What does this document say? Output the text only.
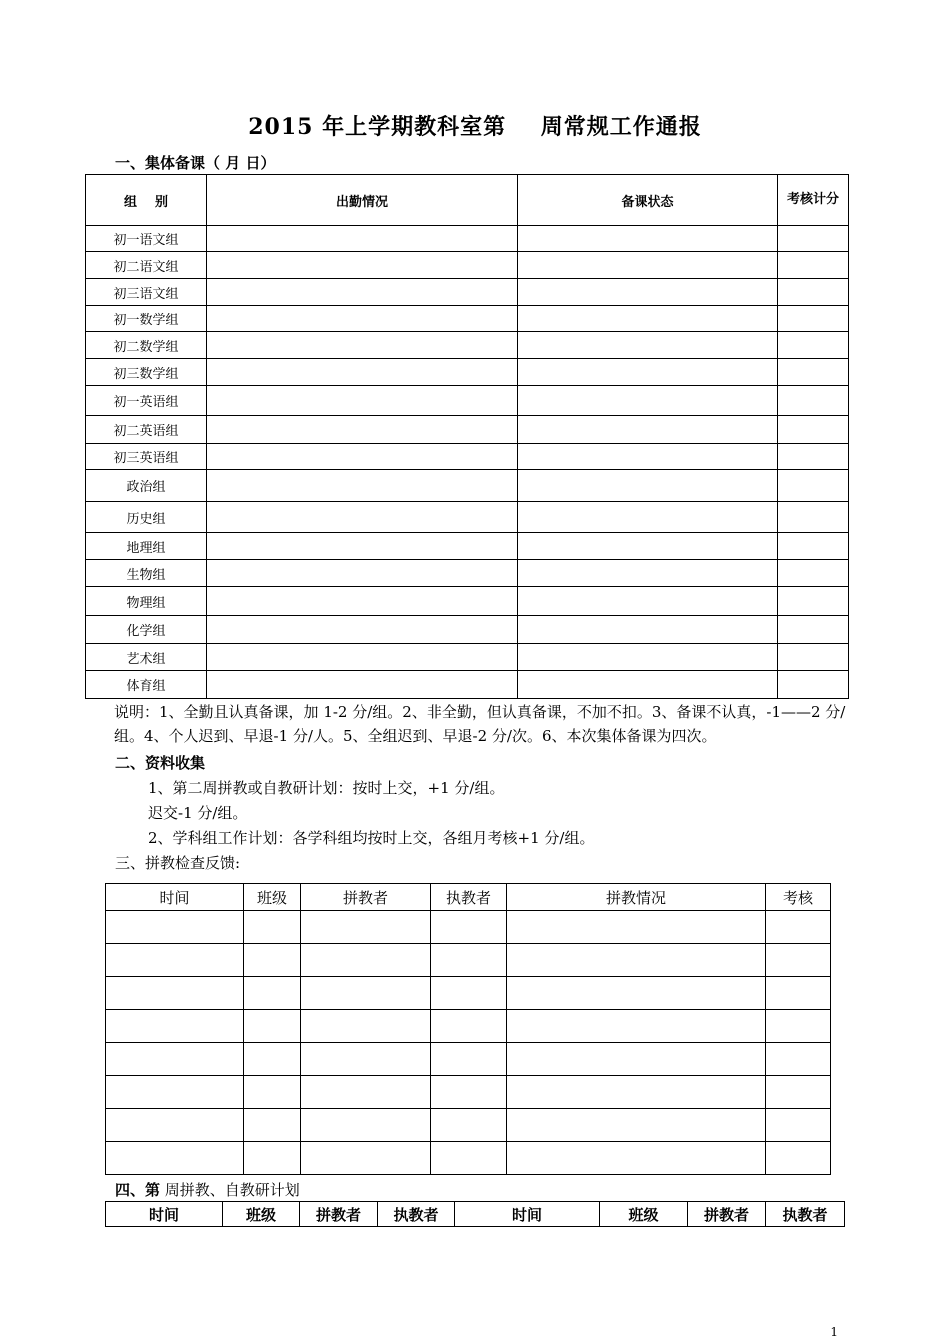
2015 年上学期教科室第    周常规工作通报
一、集体备课（ 月 日）
组    别	出勤情况	备课状态	考核计分
初一语文组			
初二语文组			
初三语文组			
初一数学组			
初二数学组			
初三数学组			
初一英语组			
初二英语组			
初三英语组			
政治组			
历史组			
地理组			
生物组			
物理组			
化学组			
艺术组			
体育组			
说明：1、全勤且认真备课，加 1-2 分/组。2、非全勤，但认真备课，不加不扣。3、备课不认真，-1——2 分/
组。4、个人迟到、早退-1 分/人。5、全组迟到、早退-2 分/次。6、本次集体备课为四次。
二、资料收集
1、第二周拼教或自教研计划：按时上交，+1 分/组。
迟交-1 分/组。
2、学科组工作计划：各学科组均按时上交，各组月考核+1 分/组。
三、拼教检查反馈:
时间	班级	拼教者	执教者	拼教情况	考核

四、第 周拼教、自教研计划
时间	班级	拼教者	执教者	时间	班级	拼教者	执教者
1
